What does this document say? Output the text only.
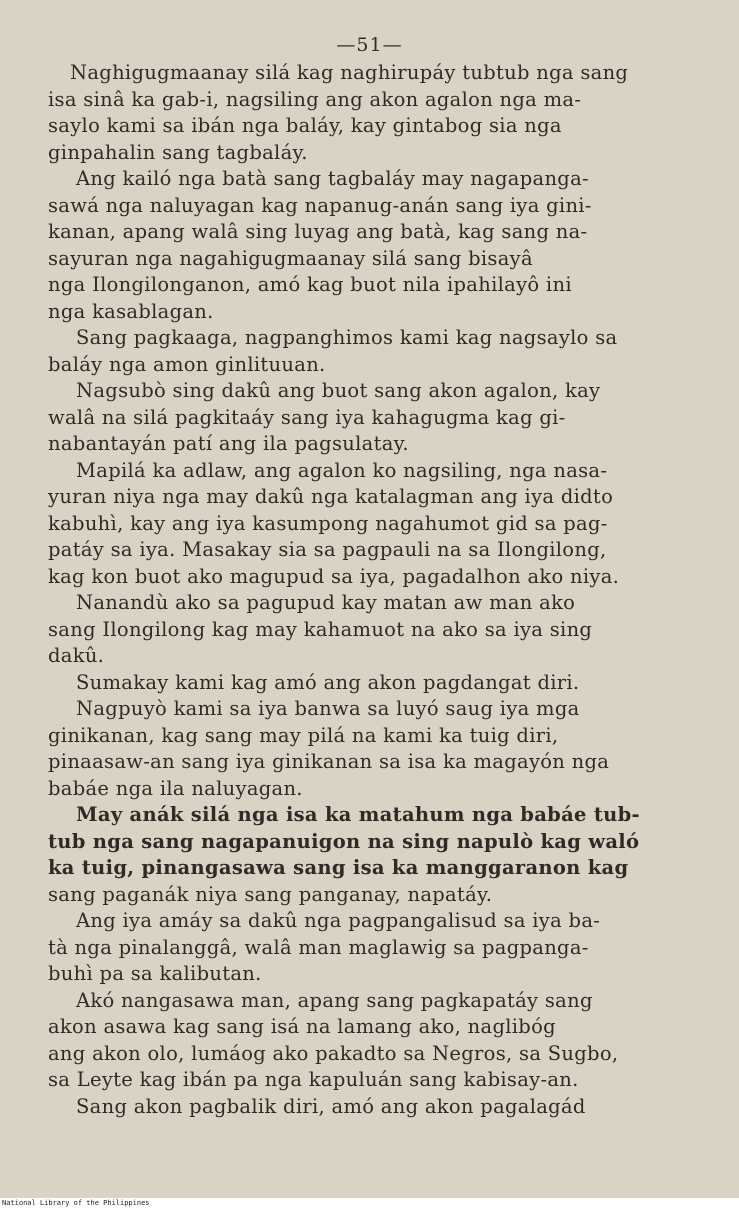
—51—
Naghigugmaanay silá kag naghirupáy tubtub nga sang
isa sinâ ka gab-i, nagsiling ang akon agalon nga ma-
saylo kami sa ibán nga baláy, kay gintabog sia nga
ginpahalin sang tagbaláy.
Ang kailó nga batà sang tagbaláy may nagapanga-
sawá nga naluyagan kag napanug-anán sang iya gini-
kanan, apang walâ sing luyag ang batà, kag sang na-
sayuran nga nagahigugmaanay silá sang bisayâ
nga Ilongilonganon, amó kag buot nila ipahilayô ini
nga kasablagan.
Sang pagkaaga, nagpanghimos kami kag nagsaylo sa
baláy nga amon ginlituuan.
Nagsubò sing dakû ang buot sang akon agalon, kay
walâ na silá pagkitaáy sang iya kahagugma kag gi-
nabantayán patí ang ila pagsulatay.
Mapilá ka adlaw, ang agalon ko nagsiling, nga nasa-
yuran niya nga may dakû nga katalagman ang iya didto
kabuhì, kay ang iya kasumpong nagahumot gid sa pag-
patáy sa iya. Masakay sia sa pagpauli na sa Ilongilong,
kag kon buot ako magupud sa iya, pagadalhon ako niya.
Nanandù ako sa pagupud kay matan aw man ako
sang Ilongilong kag may kahamuot na ako sa iya sing
dakû.
Sumakay kami kag amó ang akon pagdangat diri.
Nagpuyò kami sa iya banwa sa luyó saug iya mga
ginikanan, kag sang may pilá na kami ka tuig diri,
pinaasaw-an sang iya ginikanan sa isa ka magayón nga
babáe nga ila naluyagan.
May anák silá nga isa ka matahum nga babáe tub-
tub nga sang nagapanuigon na sing napulò kag waló
ka tuig, pinangasawa sang isa ka manggaranon kag
sang paganák niya sang panganay, napatáy.
Ang iya amáy sa dakû nga pagpangalisud sa iya ba-
tà nga pinalanggâ, walâ man maglawig sa pagpanga-
buhì pa sa kalibutan.
Akó nangasawa man, apang sang pagkapatáy sang
akon asawa kag sang isá na lamang ako, naglibóg
ang akon olo, lumáog ako pakadto sa Negros, sa Sugbo,
sa Leyte kag ibán pa nga kapuluán sang kabisay-an.
Sang akon pagbalik diri, amó ang akon pagalagád
National Library of the Philippines
